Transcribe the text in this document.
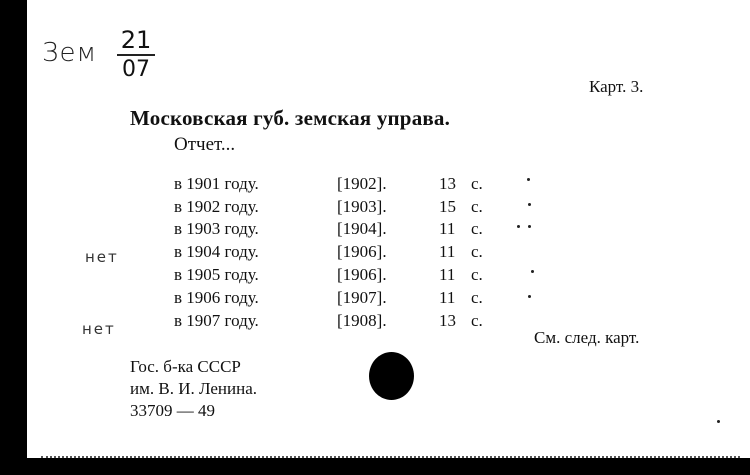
Зем 21
07
Карт. 3.
Московская губ. земская управа.
Отчет...
в 1901 году.	[1902].	13 с.
в 1902 году.	[1903].	15 с.
в 1903 году.	[1904].	11 с.
в 1904 году.	[1906].	11 с.
в 1905 году.	[1906].	11 с.
в 1906 году.	[1907].	11 с.
в 1907 году.	[1908].	13 с.
нет
нет	См. след. карт.
Гос. б-ка СССР
им. В. И. Ленина.
33709 — 49
